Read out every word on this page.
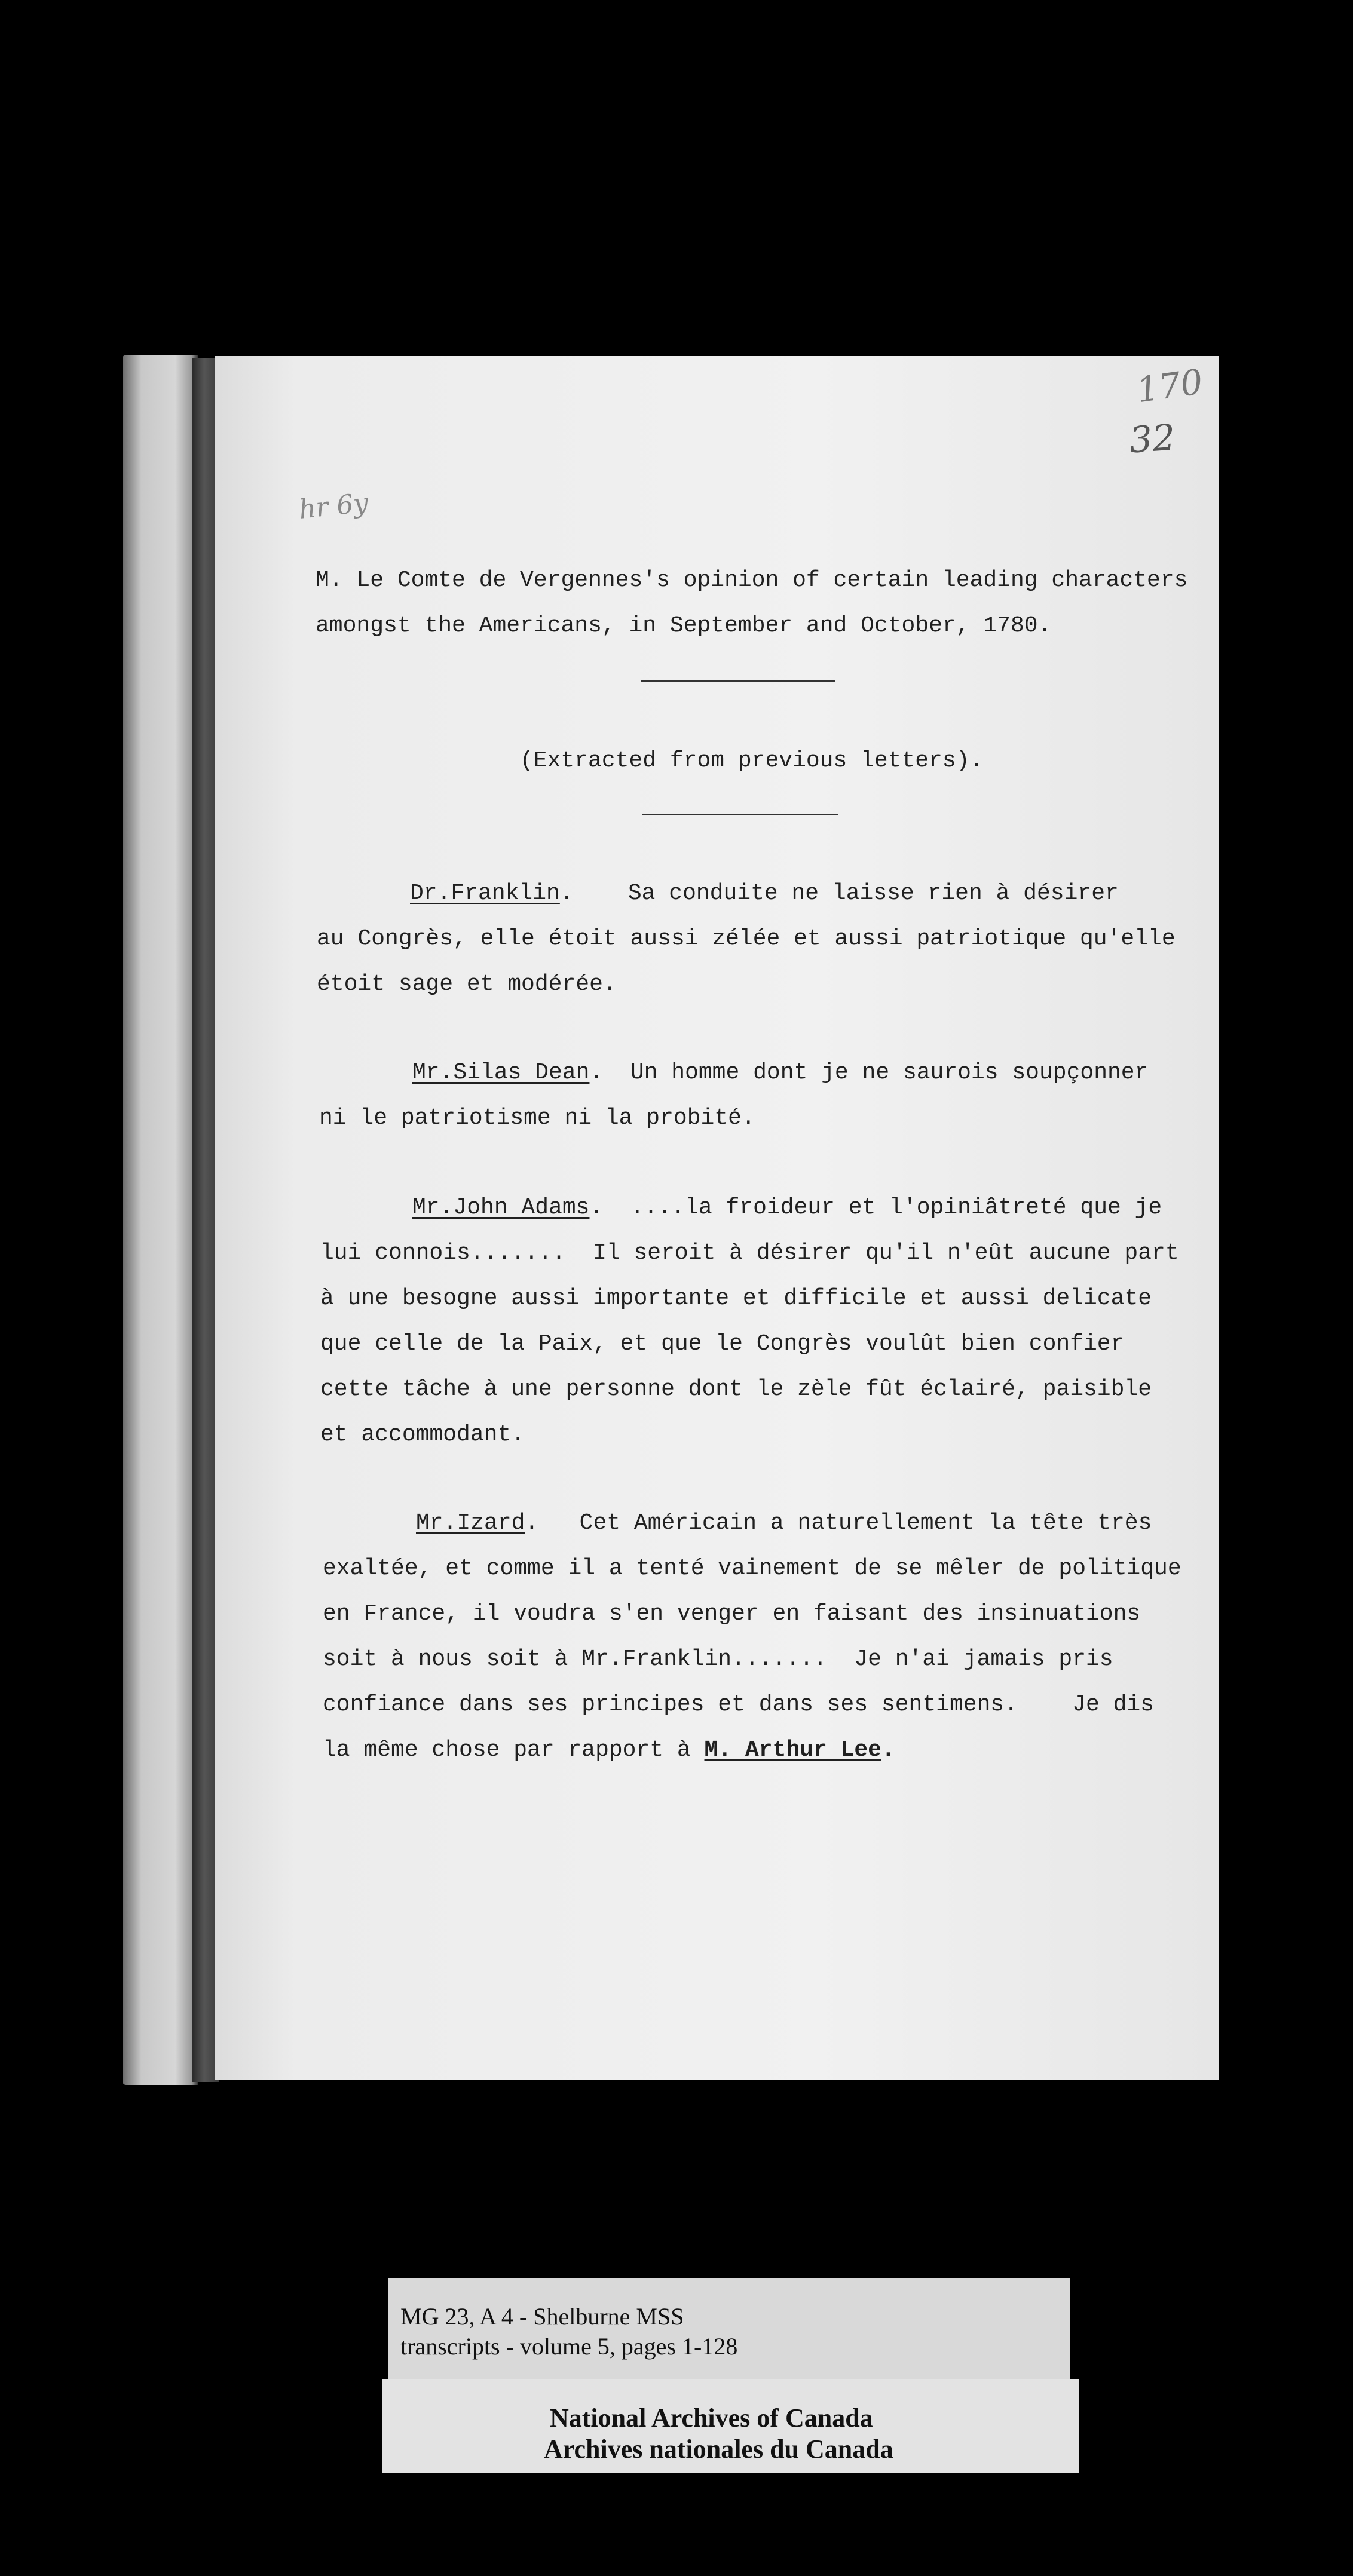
170
32
hr 6y
M. Le Comte de Vergennes's opinion of certain leading characters
amongst the Americans, in September and October, 1780.
(Extracted from previous letters).
Dr.Franklin.    Sa conduite ne laisse rien à désirer
au Congrès, elle étoit aussi zélée et aussi patriotique qu'elle
étoit sage et modérée.
Mr.Silas Dean.  Un homme dont je ne saurois soupçonner
ni le patriotisme ni la probité.
Mr.John Adams.  ....la froideur et l'opiniâtreté que je
lui connois.......  Il seroit à désirer qu'il n'eût aucune part
à une besogne aussi importante et difficile et aussi delicate
que celle de la Paix, et que le Congrès voulût bien confier
cette tâche à une personne dont le zèle fût éclairé, paisible
et accommodant.
Mr.Izard.   Cet Américain a naturellement la tête très
exaltée, et comme il a tenté vainement de se mêler de politique
en France, il voudra s'en venger en faisant des insinuations
soit à nous soit à Mr.Franklin.......  Je n'ai jamais pris
confiance dans ses principes et dans ses sentimens.    Je dis
la même chose par rapport à M. Arthur Lee.
MG 23, A 4 - Shelburne MSS
transcripts - volume 5, pages 1-128
National Archives of Canada
Archives nationales du Canada
